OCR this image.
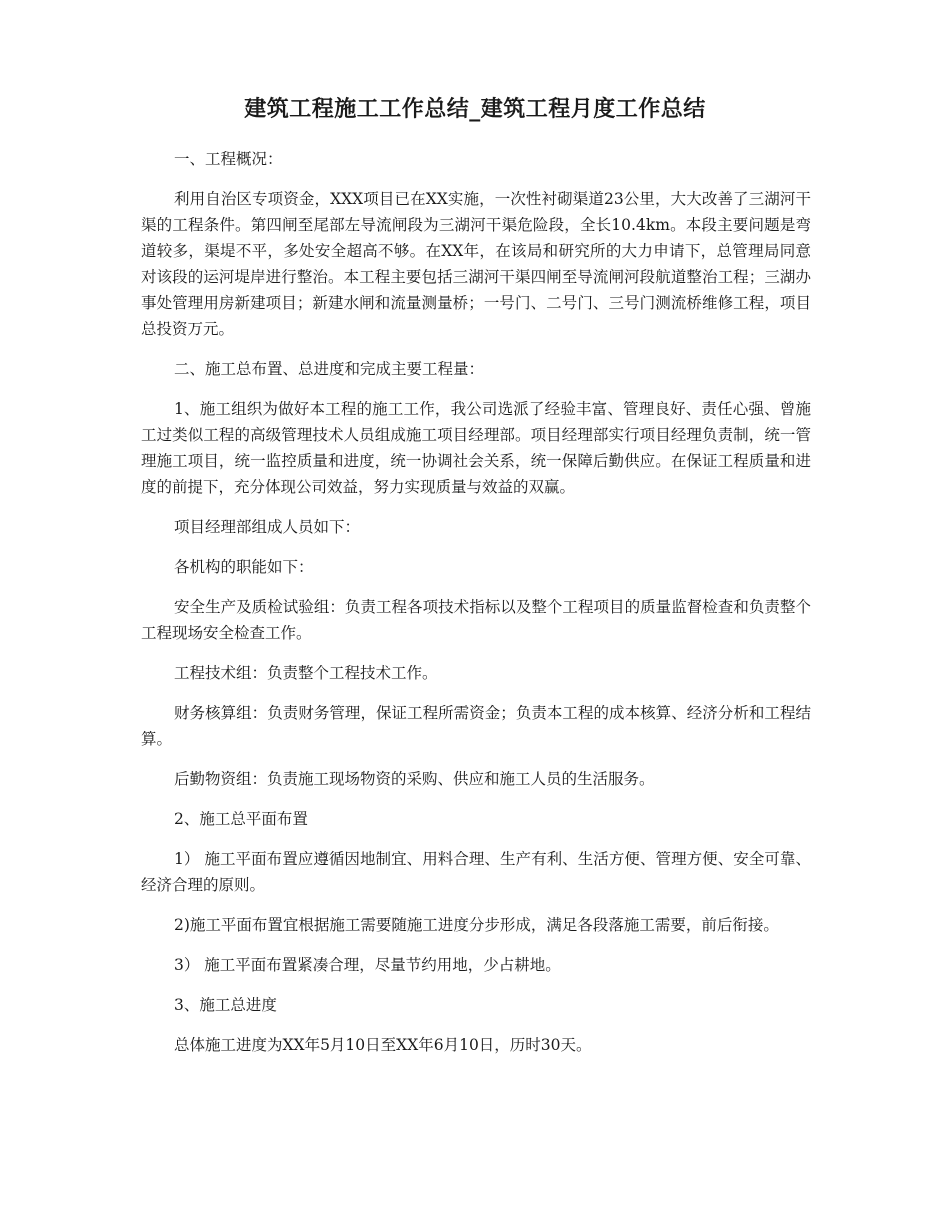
建筑工程施工工作总结_建筑工程月度工作总结

一、工程概况：

利用自治区专项资金，XXX项目已在XX实施，一次性衬砌渠道23公里，大大改善了三湖河干渠的工程条件。第四闸至尾部左导流闸段为三湖河干渠危险段，全长10.4km。本段主要问题是弯道较多，渠堤不平，多处安全超高不够。在XX年，在该局和研究所的大力申请下，总管理局同意对该段的运河堤岸进行整治。本工程主要包括三湖河干渠四闸至导流闸河段航道整治工程；三湖办事处管理用房新建项目；新建水闸和流量测量桥；一号门、二号门、三号门测流桥维修工程，项目总投资万元。

二、施工总布置、总进度和完成主要工程量：

1、施工组织为做好本工程的施工工作，我公司选派了经验丰富、管理良好、责任心强、曾施工过类似工程的高级管理技术人员组成施工项目经理部。项目经理部实行项目经理负责制，统一管理施工项目，统一监控质量和进度，统一协调社会关系，统一保障后勤供应。在保证工程质量和进度的前提下，充分体现公司效益，努力实现质量与效益的双赢。

项目经理部组成人员如下：

各机构的职能如下：

安全生产及质检试验组：负责工程各项技术指标以及整个工程项目的质量监督检查和负责整个工程现场安全检查工作。

工程技术组：负责整个工程技术工作。

财务核算组：负责财务管理，保证工程所需资金；负责本工程的成本核算、经济分析和工程结算。

后勤物资组：负责施工现场物资的采购、供应和施工人员的生活服务。

2、施工总平面布置

1） 施工平面布置应遵循因地制宜、用料合理、生产有利、生活方便、管理方便、安全可靠、经济合理的原则。

2)施工平面布置宜根据施工需要随施工进度分步形成，满足各段落施工需要，前后衔接。

3） 施工平面布置紧凑合理，尽量节约用地，少占耕地。

3、施工总进度

总体施工进度为XX年5月10日至XX年6月10日，历时30天。
